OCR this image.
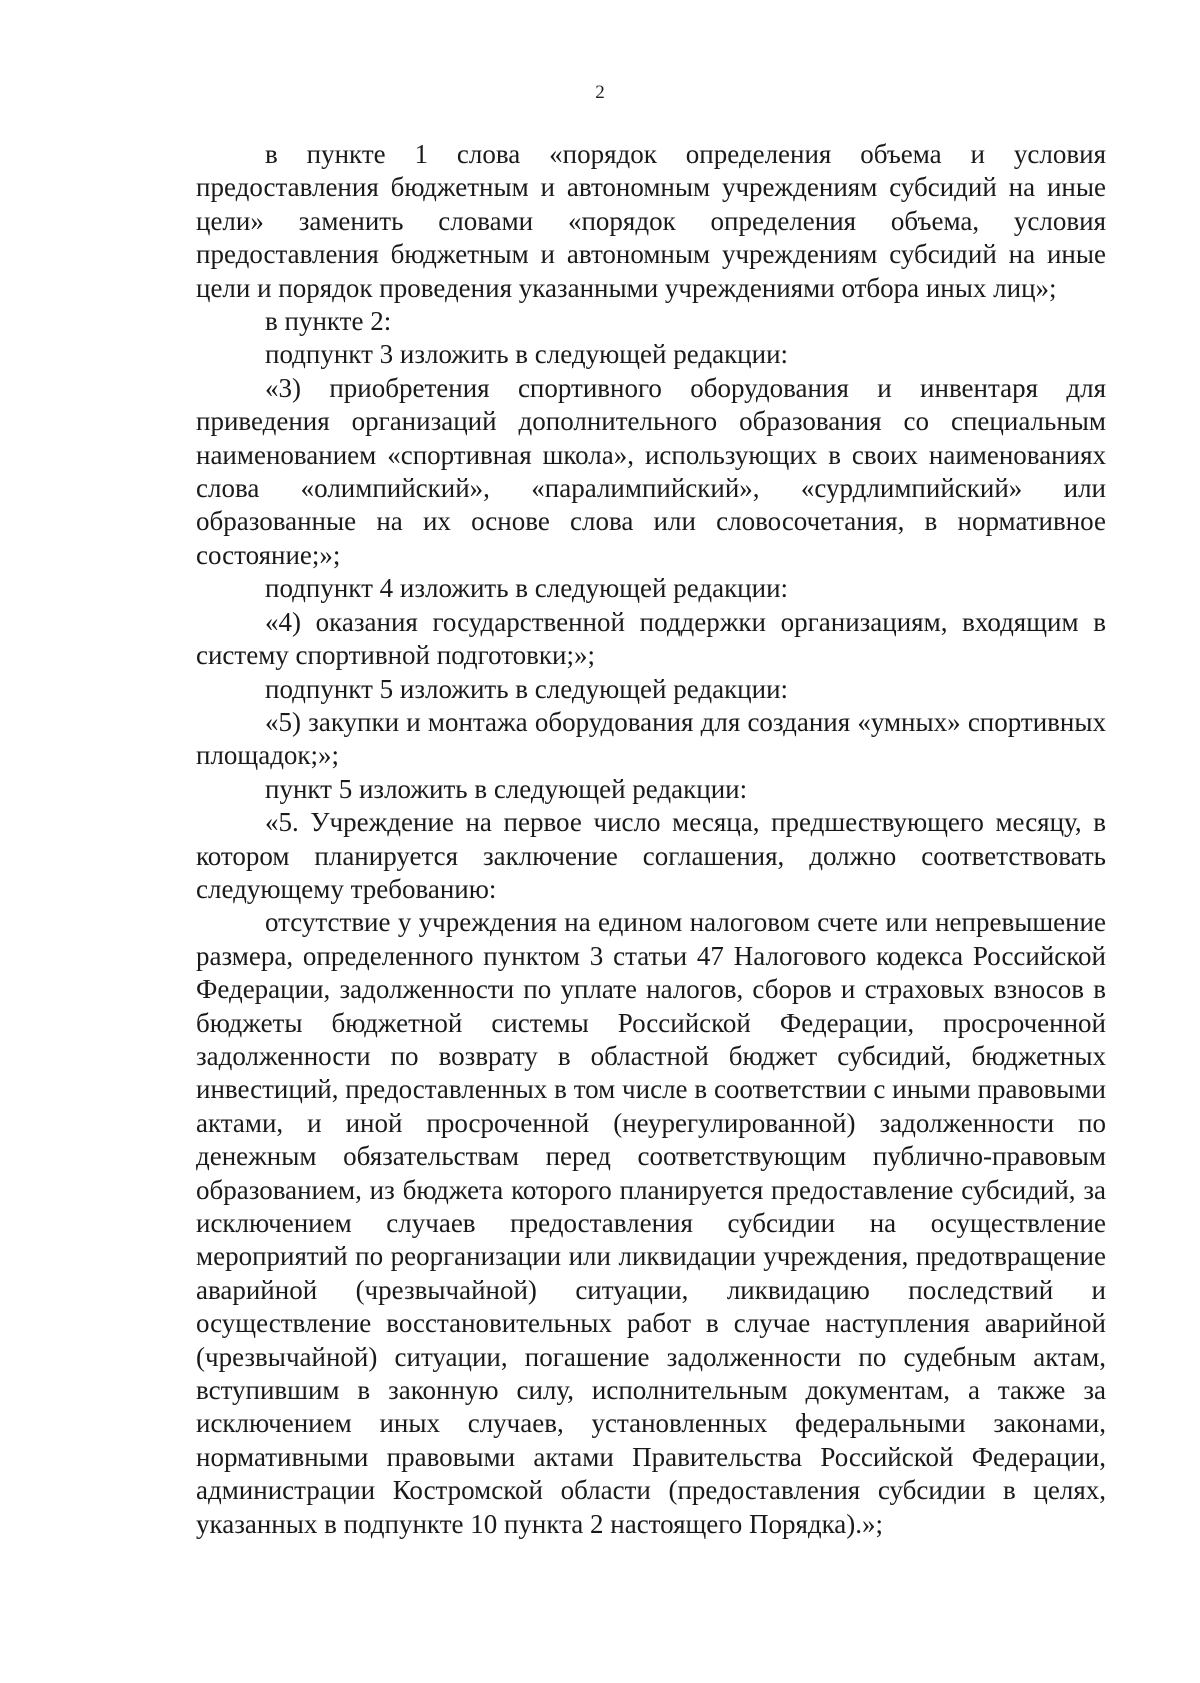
2

в пункте 1 слова «порядок определения объема и условия предоставления бюджетным и автономным учреждениям субсидий на иные цели» заменить словами «порядок определения объема, условия предоставления бюджетным и автономным учреждениям субсидий на иные цели и порядок проведения указанными учреждениями отбора иных лиц»;

в пункте 2:

подпункт 3 изложить в следующей редакции:

«3) приобретения спортивного оборудования и инвентаря для приведения организаций дополнительного образования со специальным наименованием «спортивная школа», использующих в своих наименованиях слова «олимпийский», «паралимпийский», «сурдлимпийский» или образованные на их основе слова или словосочетания, в нормативное состояние;»;

подпункт 4 изложить в следующей редакции:

«4) оказания государственной поддержки организациям, входящим в систему спортивной подготовки;»;

подпункт 5 изложить в следующей редакции:

«5) закупки и монтажа оборудования для создания «умных» спортивных площадок;»;

пункт 5 изложить в следующей редакции:

«5. Учреждение на первое число месяца, предшествующего месяцу, в котором планируется заключение соглашения, должно соответствовать следующему требованию:

отсутствие у учреждения на едином налоговом счете или непревышение размера, определенного пунктом 3 статьи 47 Налогового кодекса Российской Федерации, задолженности по уплате налогов, сборов и страховых взносов в бюджеты бюджетной системы Российской Федерации, просроченной задолженности по возврату в областной бюджет субсидий, бюджетных инвестиций, предоставленных в том числе в соответствии с иными правовыми актами, и иной просроченной (неурегулированной) задолженности по денежным обязательствам перед соответствующим публично-правовым образованием, из бюджета которого планируется предоставление субсидий, за исключением случаев предоставления субсидии на осуществление мероприятий по реорганизации или ликвидации учреждения, предотвращение аварийной (чрезвычайной) ситуации, ликвидацию последствий и осуществление восстановительных работ в случае наступления аварийной (чрезвычайной) ситуации, погашение задолженности по судебным актам, вступившим в законную силу, исполнительным документам, а также за исключением иных случаев, установленных федеральными законами, нормативными правовыми актами Правительства Российской Федерации, администрации Костромской области (предоставления субсидии в целях, указанных в подпункте 10 пункта 2 настоящего Порядка).»;
